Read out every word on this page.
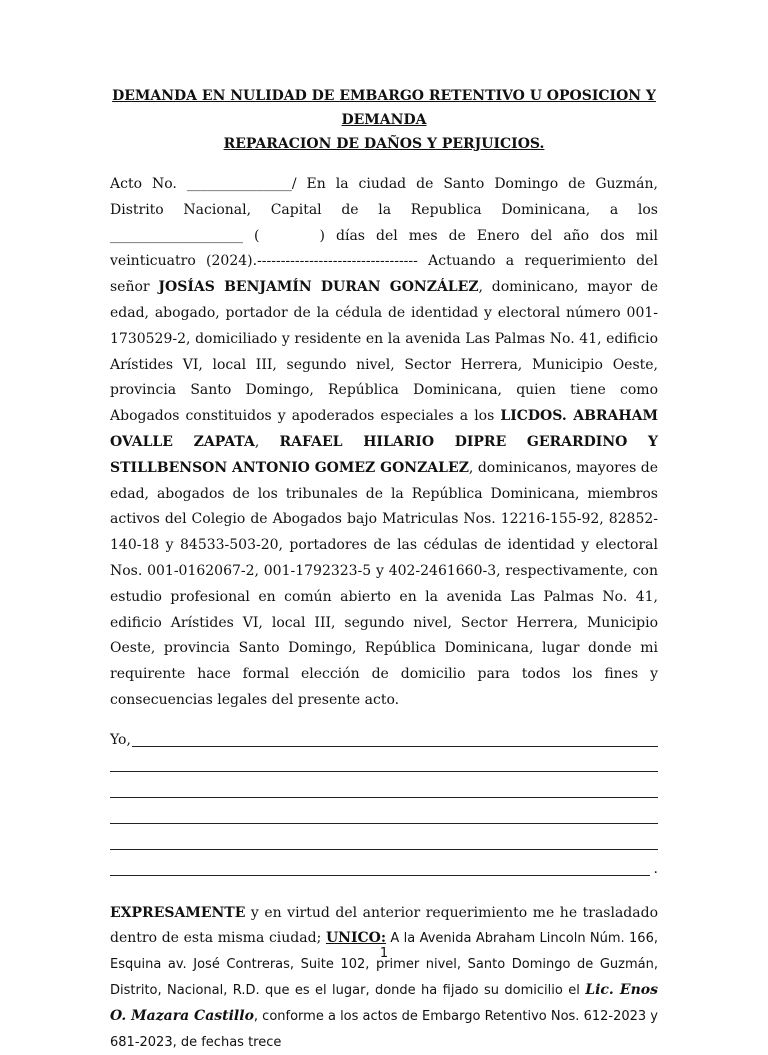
DEMANDA EN NULIDAD DE EMBARGO RETENTIVO U OPOSICION Y DEMANDA
REPARACION DE DAÑOS Y PERJUICIOS.

Acto No. _______________/ En la ciudad de Santo Domingo de Guzmán, Distrito Nacional, Capital de la Republica Dominicana, a los ___________________ (	) días del mes de Enero del año dos mil veinticuatro (2024).---------------------------------- Actuando a requerimiento del señor JOSÍAS BENJAMÍN DURAN GONZÁLEZ, dominicano, mayor de edad, abogado, portador de la cédula de identidad y electoral número 001-1730529-2, domiciliado y residente en la avenida Las Palmas No. 41, edificio Arístides VI, local III, segundo nivel, Sector Herrera, Municipio Oeste, provincia Santo Domingo, República Dominicana, quien tiene como Abogados constituidos y apoderados especiales a los LICDOS. ABRAHAM OVALLE ZAPATA, RAFAEL HILARIO DIPRE GERARDINO Y STILLBENSON ANTONIO GOMEZ GONZALEZ, dominicanos, mayores de edad, abogados de los tribunales de la República Dominicana, miembros activos del Colegio de Abogados bajo Matriculas Nos. 12216-155-92, 82852-140-18 y 84533-503-20, portadores de las cédulas de identidad y electoral Nos. 001-0162067-2, 001-1792323-5 y 402-2461660-3, respectivamente, con estudio profesional en común abierto en la avenida Las Palmas No. 41, edificio Arístides VI, local III, segundo nivel, Sector Herrera, Municipio Oeste, provincia Santo Domingo, República Dominicana, lugar donde mi requirente hace formal elección de domicilio para todos los fines y consecuencias legales del presente acto.

Yo,
.

EXPRESAMENTE y en virtud del anterior requerimiento me he trasladado dentro de esta misma ciudad; UNICO: A la Avenida Abraham Lincoln Núm. 166, Esquina av. José Contreras, Suite 102, primer nivel, Santo Domingo de Guzmán, Distrito, Nacional, R.D. que es el lugar, donde ha fijado su domicilio el Lic. Enos O. Mazara Castillo, conforme a los actos de Embargo Retentivo Nos. 612-2023 y 681-2023, de fechas trece

1
